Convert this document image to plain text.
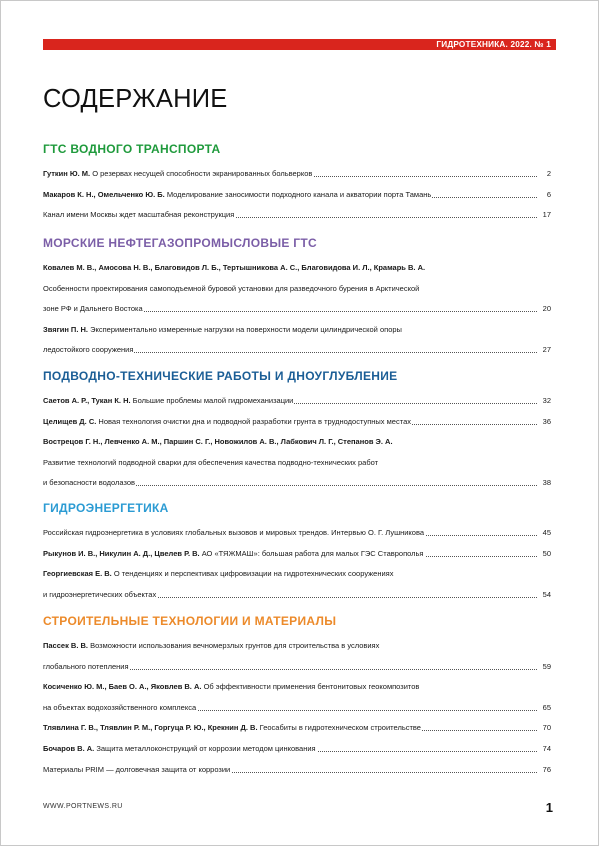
ГИДРОТЕХНИКА. 2022. № 1
СОДЕРЖАНИЕ
ГТС ВОДНОГО ТРАНСПОРТА
Гуткин Ю. М. О резервах несущей способности экранированных больверков	2
Макаров К. Н., Омельченко Ю. Б. Моделирование заносимости подходного канала и акватории порта Тамань	6
Канал имени Москвы ждет масштабная реконструкция	17
МОРСКИЕ НЕФТЕГАЗОПРОМЫСЛОВЫЕ ГТС
Ковалев М. В., Амосова Н. В., Благовидов Л. Б., Тертышникова А. С., Благовидова И. Л., Крамарь В. А.
Особенности проектирования самоподъемной буровой установки для разведочного бурения в Арктической
зоне РФ и Дальнего Востока	20
Звягин П. Н. Экспериментально измеренные нагрузки на поверхности модели цилиндрической опоры
ледостойкого сооружения	27
ПОДВОДНО-ТЕХНИЧЕСКИЕ РАБОТЫ И ДНОУГЛУБЛЕНИЕ
Саетов А. Р., Тукан К. Н. Большие проблемы малой гидромеханизации	32
Целищев Д. С. Новая технология очистки дна и подводной разработки грунта в труднодоступных местах	36
Вострецов Г. Н., Левченко А. М., Паршин С. Г., Новожилов А. В., Лабкович Л. Г., Степанов Э. А.
Развитие технологий подводной сварки для обеспечения качества подводно-технических работ
и безопасности водолазов	38
ГИДРОЭНЕРГЕТИКА
Российская гидроэнергетика в условиях глобальных вызовов и мировых трендов. Интервью О. Г. Лушникова	45
Рыкунов И. В., Никулин А. Д., Цвелев Р. В. АО «ТЯЖМАШ»: большая работа для малых ГЭС Ставрополья	50
Георгиевская Е. В. О тенденциях и перспективах цифровизации на гидротехнических сооружениях
и гидроэнергетических объектах	54
СТРОИТЕЛЬНЫЕ ТЕХНОЛОГИИ И МАТЕРИАЛЫ
Пассек В. В. Возможности использования вечномерзлых грунтов для строительства в условиях
глобального потепления	59
Косиченко Ю. М., Баев О. А., Яковлев В. А. Об эффективности применения бентонитовых геокомпозитов
на объектах водохозяйственного комплекса	65
Тлявлина Г. В., Тлявлин Р. М., Горгуца Р. Ю., Крекнин Д. В. Геосабиты в гидротехническом строительстве	70
Бочаров В. А. Защита металлоконструкций от коррозии методом цинкования	74
Материалы PRIM — долговечная защита от коррозии	76
WWW.PORTNEWS.RU	1
